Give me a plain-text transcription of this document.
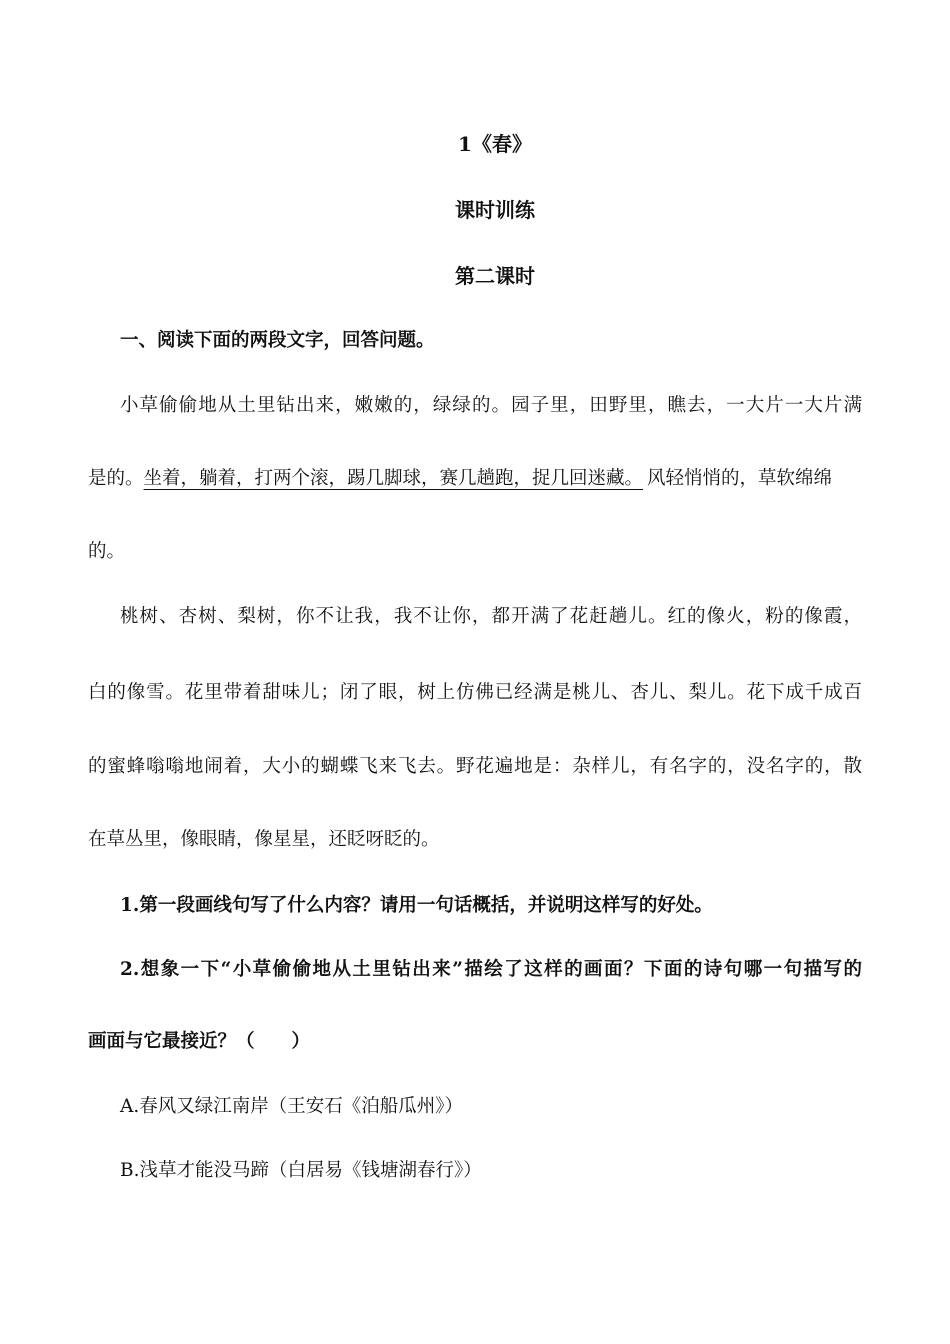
1《春》
课时训练
第二课时
一、阅读下面的两段文字，回答问题。
小草偷偷地从土里钻出来，嫩嫩的，绿绿的。园子里，田野里，瞧去，一大片一大片满
是的。坐着，躺着，打两个滚，踢几脚球，赛几趟跑，捉几回迷藏。 风轻悄悄的，草软绵绵
的。
桃树、杏树、梨树，你不让我，我不让你，都开满了花赶趟儿。红的像火，粉的像霞，
白的像雪。花里带着甜味儿；闭了眼，树上仿佛已经满是桃儿、杏儿、梨儿。花下成千成百
的蜜蜂嗡嗡地闹着，大小的蝴蝶飞来飞去。野花遍地是：杂样儿，有名字的，没名字的，散
在草丛里，像眼睛，像星星，还眨呀眨的。
1.第一段画线句写了什么内容？请用一句话概括，并说明这样写的好处。
2.想象一下“小草偷偷地从土里钻出来”描绘了这样的画面？下面的诗句哪一句描写的
画面与它最接近？（　　）
A.春风又绿江南岸（王安石《泊船瓜州》）
B.浅草才能没马蹄（白居易《钱塘湖春行》）
